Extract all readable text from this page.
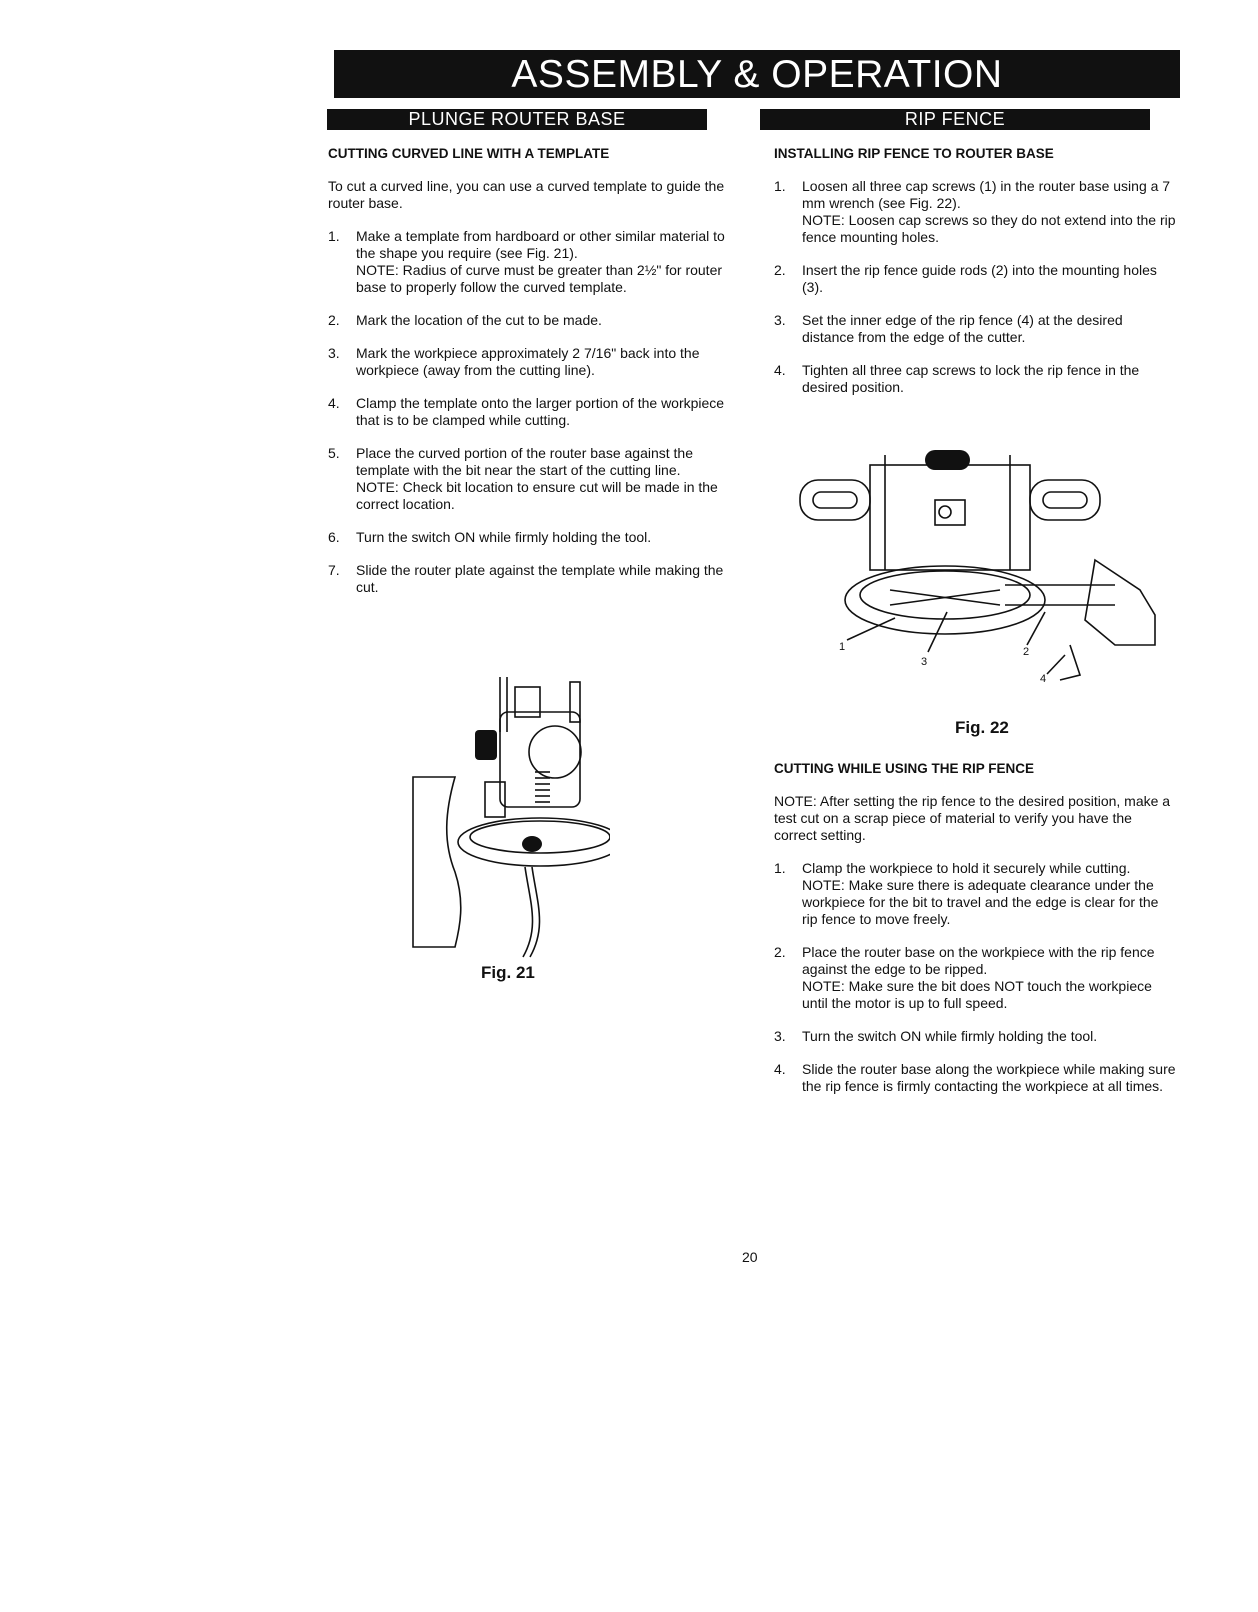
ASSEMBLY & OPERATION
PLUNGE ROUTER BASE	RIP FENCE
CUTTING CURVED LINE WITH A TEMPLATE
To cut a curved line, you can use a curved template to guide the router base.
1.	Make a template from hardboard or other similar material to the shape you require (see Fig. 21).
NOTE: Radius of curve must be greater than 2½" for router base to properly follow the curved template.
2.	Mark the location of the cut to be made.
3.	Mark the workpiece approximately 2 7/16" back into the workpiece (away from the cutting line).
4.	Clamp the template onto the larger portion of the workpiece that is to be clamped while cutting.
5.	Place the curved portion of the router base against the template with the bit near the start of the cutting line.
NOTE: Check bit location to ensure cut will be made in the correct location.
6.	Turn the switch ON while firmly holding the tool.
7.	Slide the router plate against the template while making the cut.
Fig. 21
INSTALLING RIP FENCE TO ROUTER BASE
1.	Loosen all three cap screws (1) in the router base using a 7 mm wrench (see Fig. 22).
NOTE: Loosen cap screws so they do not extend into the rip fence mounting holes.
2.	Insert the rip fence guide rods (2) into the mounting holes (3).
3.	Set the inner edge of the rip fence (4) at the desired distance from the edge of the cutter.
4.	Tighten all three cap screws to lock the rip fence in the desired position.
1	2
3
4
Fig. 22
CUTTING WHILE USING THE RIP FENCE
NOTE: After setting the rip fence to the desired position, make a test cut on a scrap piece of material to verify you have the correct setting.
1.	Clamp the workpiece to hold it securely while cutting.
NOTE: Make sure there is adequate clearance under the workpiece for the bit to travel and the edge is clear for the rip fence to move freely.
2.	Place the router base on the workpiece with the rip fence against the edge to be ripped.
NOTE: Make sure the bit does NOT touch the workpiece until the motor is up to full speed.
3.	Turn the switch ON while firmly holding the tool.
4.	Slide the router base along the workpiece while making sure the rip fence is firmly contacting the workpiece at all times.
20
